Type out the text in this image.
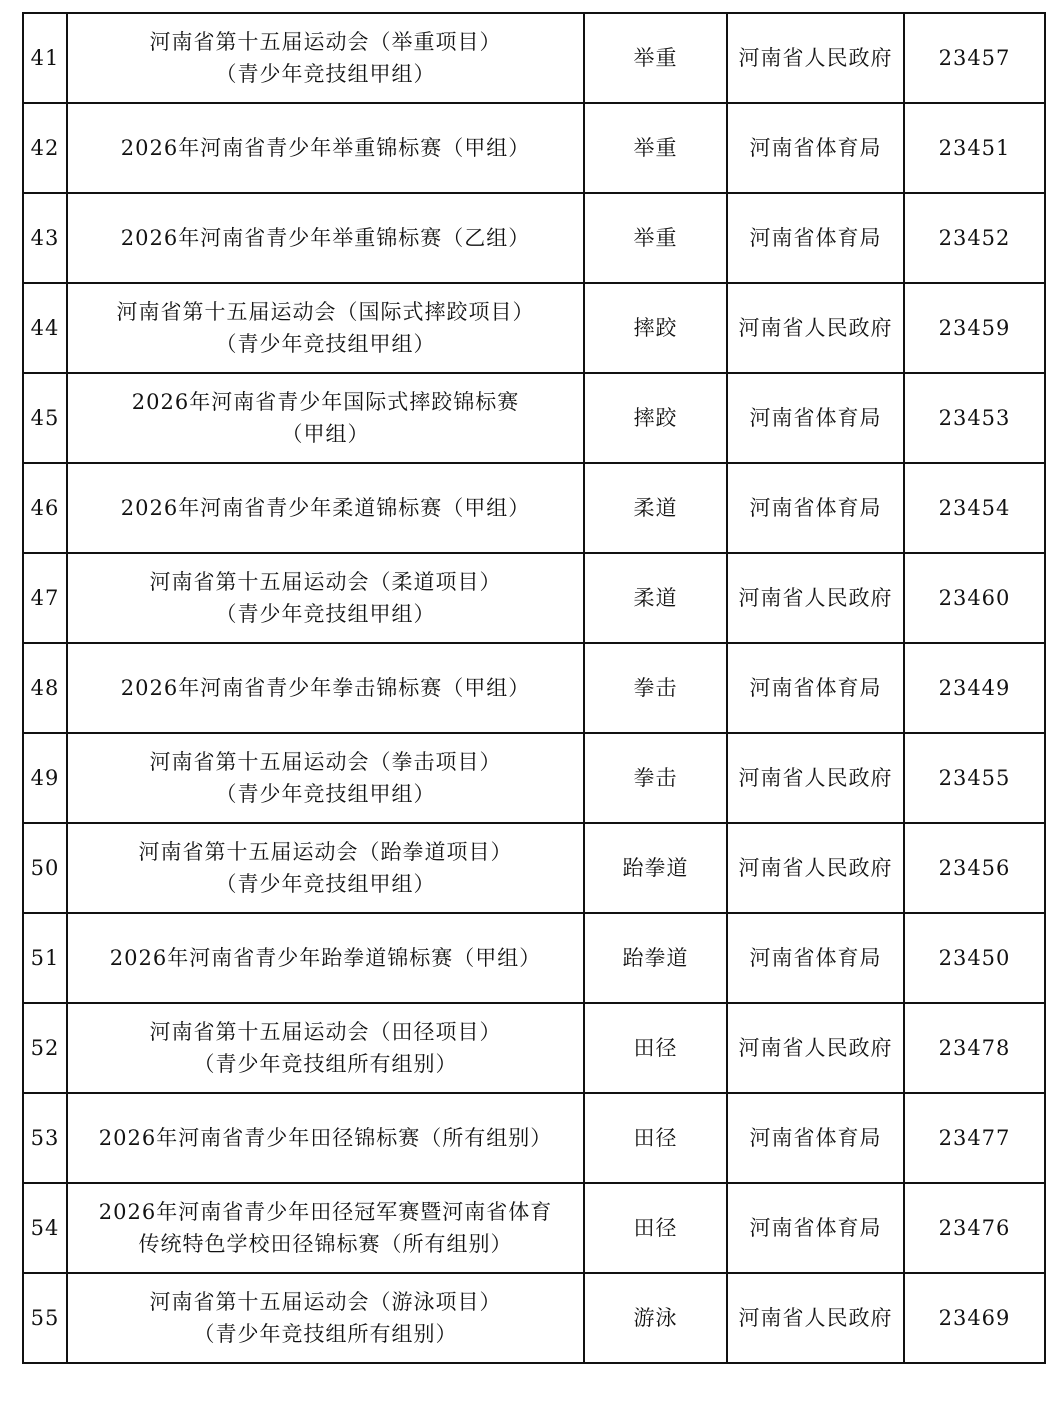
41	河南省第十五届运动会（举重项目）
（青少年竞技组甲组）	举重	河南省人民政府	23457
42	2026年河南省青少年举重锦标赛（甲组）	举重	河南省体育局	23451
43	2026年河南省青少年举重锦标赛（乙组）	举重	河南省体育局	23452
44	河南省第十五届运动会（国际式摔跤项目）
（青少年竞技组甲组）	摔跤	河南省人民政府	23459
45	2026年河南省青少年国际式摔跤锦标赛
（甲组）	摔跤	河南省体育局	23453
46	2026年河南省青少年柔道锦标赛（甲组）	柔道	河南省体育局	23454
47	河南省第十五届运动会（柔道项目）
（青少年竞技组甲组）	柔道	河南省人民政府	23460
48	2026年河南省青少年拳击锦标赛（甲组）	拳击	河南省体育局	23449
49	河南省第十五届运动会（拳击项目）
（青少年竞技组甲组）	拳击	河南省人民政府	23455
50	河南省第十五届运动会（跆拳道项目）
（青少年竞技组甲组）	跆拳道	河南省人民政府	23456
51	2026年河南省青少年跆拳道锦标赛（甲组）	跆拳道	河南省体育局	23450
52	河南省第十五届运动会（田径项目）
（青少年竞技组所有组别）	田径	河南省人民政府	23478
53	2026年河南省青少年田径锦标赛（所有组别）	田径	河南省体育局	23477
54	2026年河南省青少年田径冠军赛暨河南省体育
传统特色学校田径锦标赛（所有组别）	田径	河南省体育局	23476
55	河南省第十五届运动会（游泳项目）
（青少年竞技组所有组别）	游泳	河南省人民政府	23469
